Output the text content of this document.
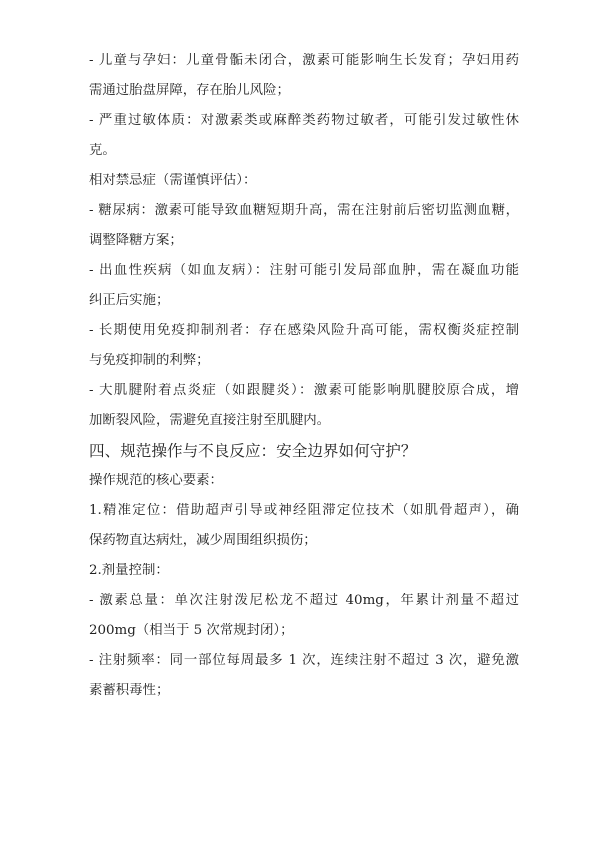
- 儿童与孕妇：儿童骨骺未闭合，激素可能影响生长发育；孕妇用药
需通过胎盘屏障，存在胎儿风险；
- 严重过敏体质：对激素类或麻醉类药物过敏者，可能引发过敏性休
克。
相对禁忌症（需谨慎评估）：
- 糖尿病：激素可能导致血糖短期升高，需在注射前后密切监测血糖，
调整降糖方案；
- 出血性疾病（如血友病）：注射可能引发局部血肿，需在凝血功能
纠正后实施；
- 长期使用免疫抑制剂者：存在感染风险升高可能，需权衡炎症控制
与免疫抑制的利弊；
- 大肌腱附着点炎症（如跟腱炎）：激素可能影响肌腱胶原合成，增
加断裂风险，需避免直接注射至肌腱内。
四、规范操作与不良反应：安全边界如何守护？
操作规范的核心要素：
1.精准定位：借助超声引导或神经阻滞定位技术（如肌骨超声），确
保药物直达病灶，减少周围组织损伤；
2.剂量控制：
- 激素总量：单次注射泼尼松龙不超过 40mg，年累计剂量不超过
200mg（相当于 5 次常规封闭）；
- 注射频率：同一部位每周最多 1 次，连续注射不超过 3 次，避免激
素蓄积毒性；
